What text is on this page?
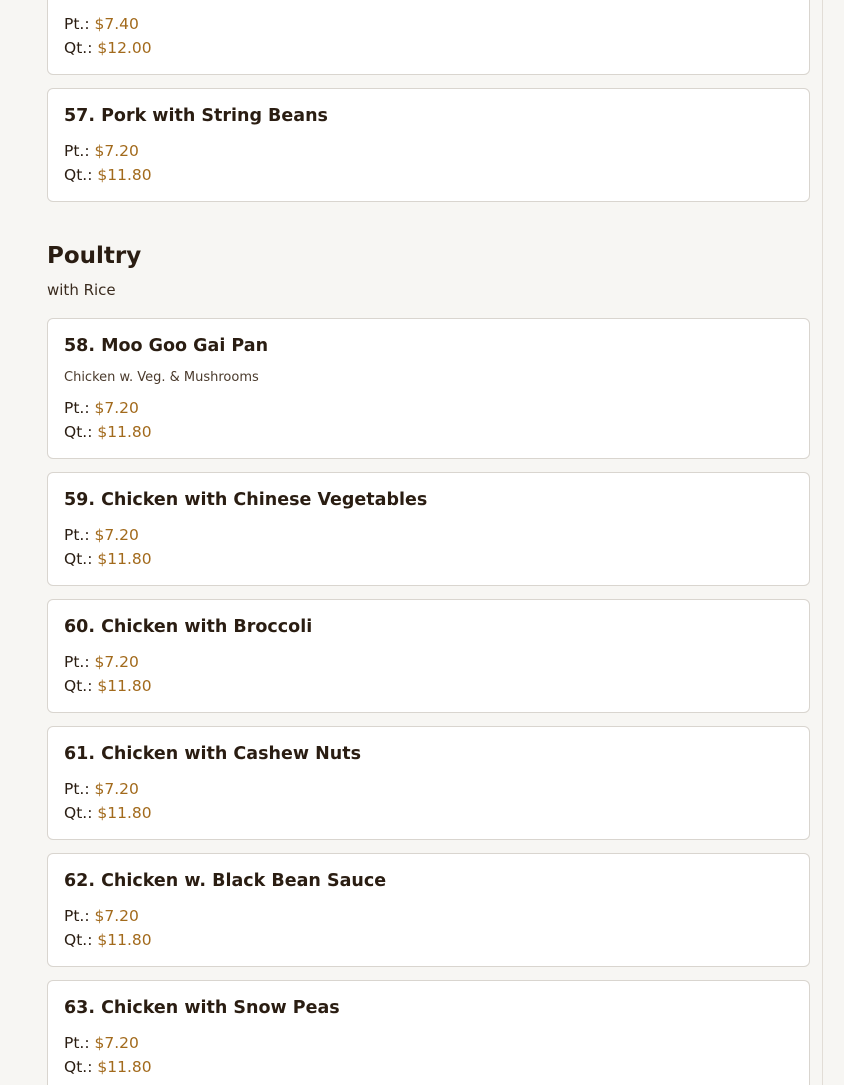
Pt.: $7.40
Qt.: $12.00
57. Pork with String Beans
Pt.: $7.20
Qt.: $11.80
Poultry
with Rice
58. Moo Goo Gai Pan
Chicken w. Veg. & Mushrooms
Pt.: $7.20
Qt.: $11.80
59. Chicken with Chinese Vegetables
Pt.: $7.20
Qt.: $11.80
60. Chicken with Broccoli
Pt.: $7.20
Qt.: $11.80
61. Chicken with Cashew Nuts
Pt.: $7.20
Qt.: $11.80
62. Chicken w. Black Bean Sauce
Pt.: $7.20
Qt.: $11.80
63. Chicken with Snow Peas
Pt.: $7.20
Qt.: $11.80
